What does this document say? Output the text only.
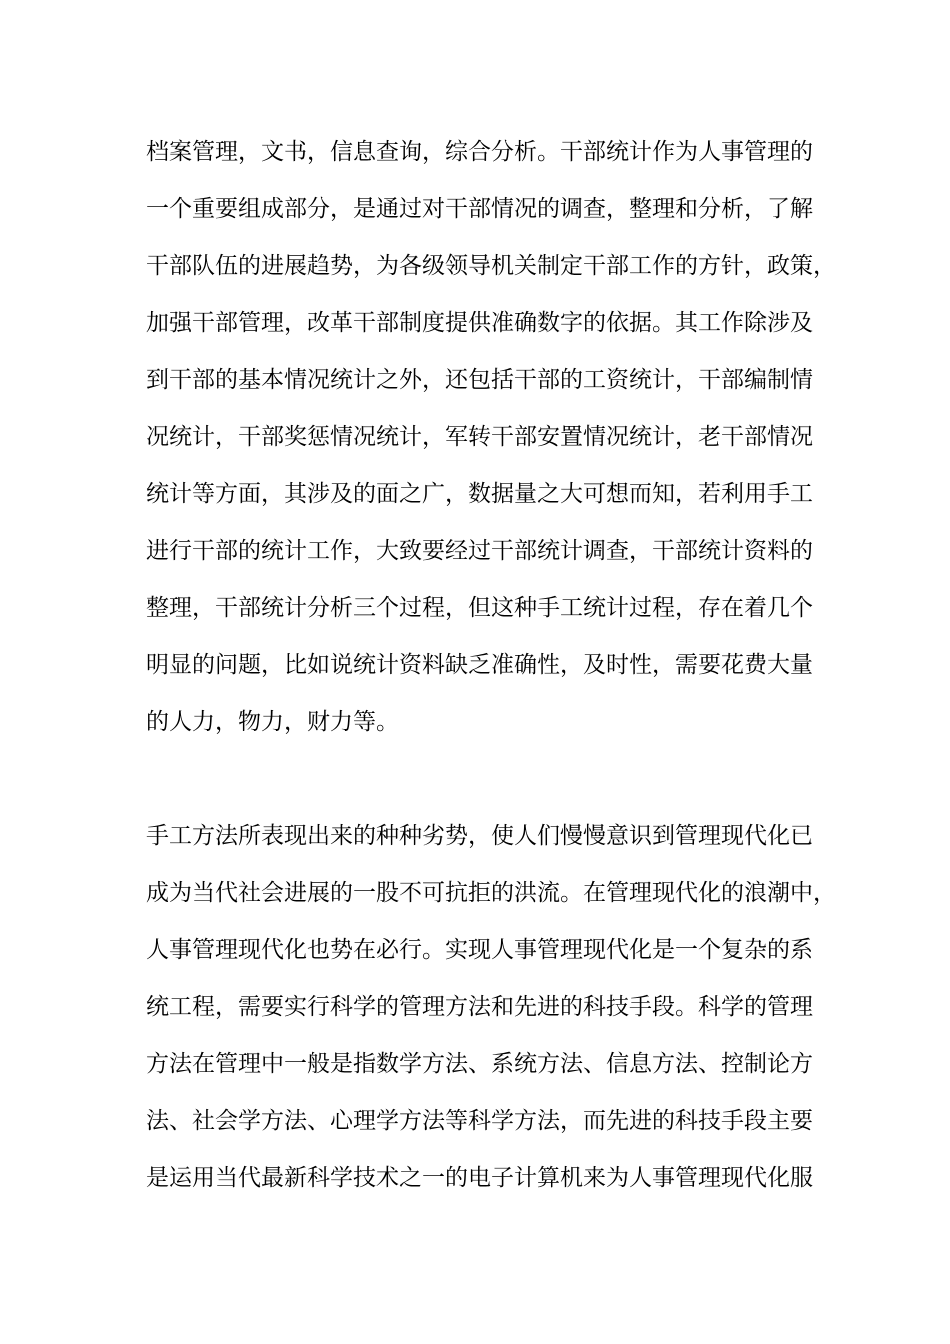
档案管理，文书，信息查询，综合分析。干部统计作为人事管理的
一个重要组成部分，是通过对干部情况的调查，整理和分析，了解
干部队伍的进展趋势，为各级领导机关制定干部工作的方针，政策，
加强干部管理，改革干部制度提供准确数字的依据。其工作除涉及
到干部的基本情况统计之外，还包括干部的工资统计，干部编制情
况统计，干部奖惩情况统计，军转干部安置情况统计，老干部情况
统计等方面，其涉及的面之广，数据量之大可想而知，若利用手工
进行干部的统计工作，大致要经过干部统计调查，干部统计资料的
整理，干部统计分析三个过程，但这种手工统计过程，存在着几个
明显的问题，比如说统计资料缺乏准确性，及时性，需要花费大量
的人力，物力，财力等。
手工方法所表现出来的种种劣势，使人们慢慢意识到管理现代化已
成为当代社会进展的一股不可抗拒的洪流。在管理现代化的浪潮中，
人事管理现代化也势在必行。实现人事管理现代化是一个复杂的系
统工程，需要实行科学的管理方法和先进的科技手段。科学的管理
方法在管理中一般是指数学方法、系统方法、信息方法、控制论方
法、社会学方法、心理学方法等科学方法，而先进的科技手段主要
是运用当代最新科学技术之一的电子计算机来为人事管理现代化服
